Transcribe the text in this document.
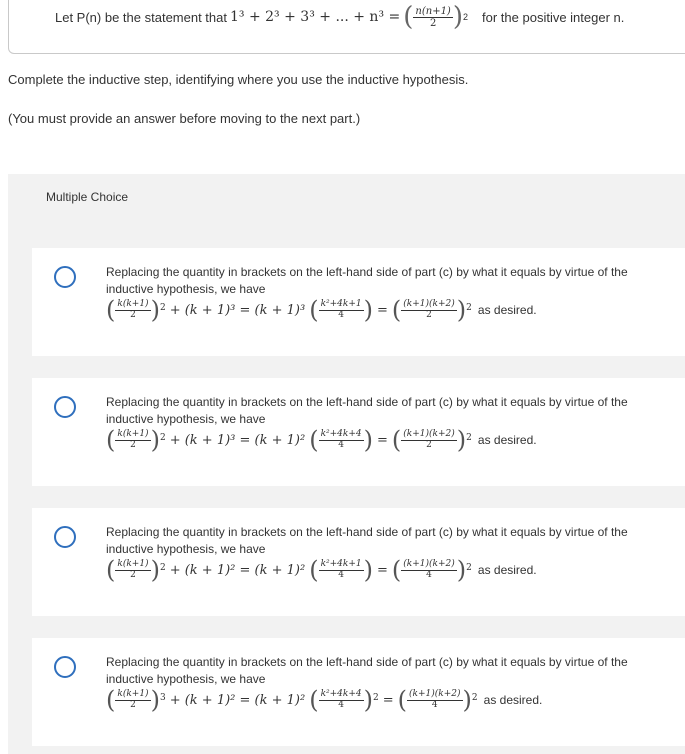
Let P(n) be the statement that 1³ + 2³ + 3³ + ... + n³ = ( $\frac{n(n+1)}{2}$ ) 2 for the positive integer n.
Complete the inductive step, identifying where you use the inductive hypothesis.
(You must provide an answer before moving to the next part.)
Multiple Choice
Replacing the quantity in brackets on the left-hand side of part (c) by what it equals by virtue of the inductive hypothesis, we have
( $\frac{k(k+1)}{2} )^2 + (k + 1)^3 = (k + 1)^3$ ( $\frac{\text{k²+4k+1}}{4}$ ) = ( $\frac{(k+1)(k+2)}{2} )^2$ as desired.
Replacing the quantity in brackets on the left-hand side of part (c) by what it equals by virtue of the inductive hypothesis, we have
( $\frac{k(k+1)}{2} )^2 + (k + 1)^3 = (k + 1)^2$ ( $\frac{\text{k²+4k+4}}{4}$ ) = ( $\frac{(k+1)(k+2)}{2} )^2$ as desired.
Replacing the quantity in brackets on the left-hand side of part (c) by what it equals by virtue of the inductive hypothesis, we have
( $\frac{k(k+1)}{2} )^2 + (k + 1)^2 = (k + 1)^2$ ( $\frac{\text{k²+4k+1}}{4}$ ) = ( $\frac{(k+1)(k+2)}{4} )^2$ as desired.
Replacing the quantity in brackets on the left-hand side of part (c) by what it equals by virtue of the inductive hypothesis, we have
( $\frac{k(k+1)}{2} )^3 + (k + 1)^2 = (k + 1)^2$ ( $\frac{\text{k²+4k+4}}{4} )^2$ = ( $\frac{(k+1)(k+2)}{4} )^2$ as desired.
